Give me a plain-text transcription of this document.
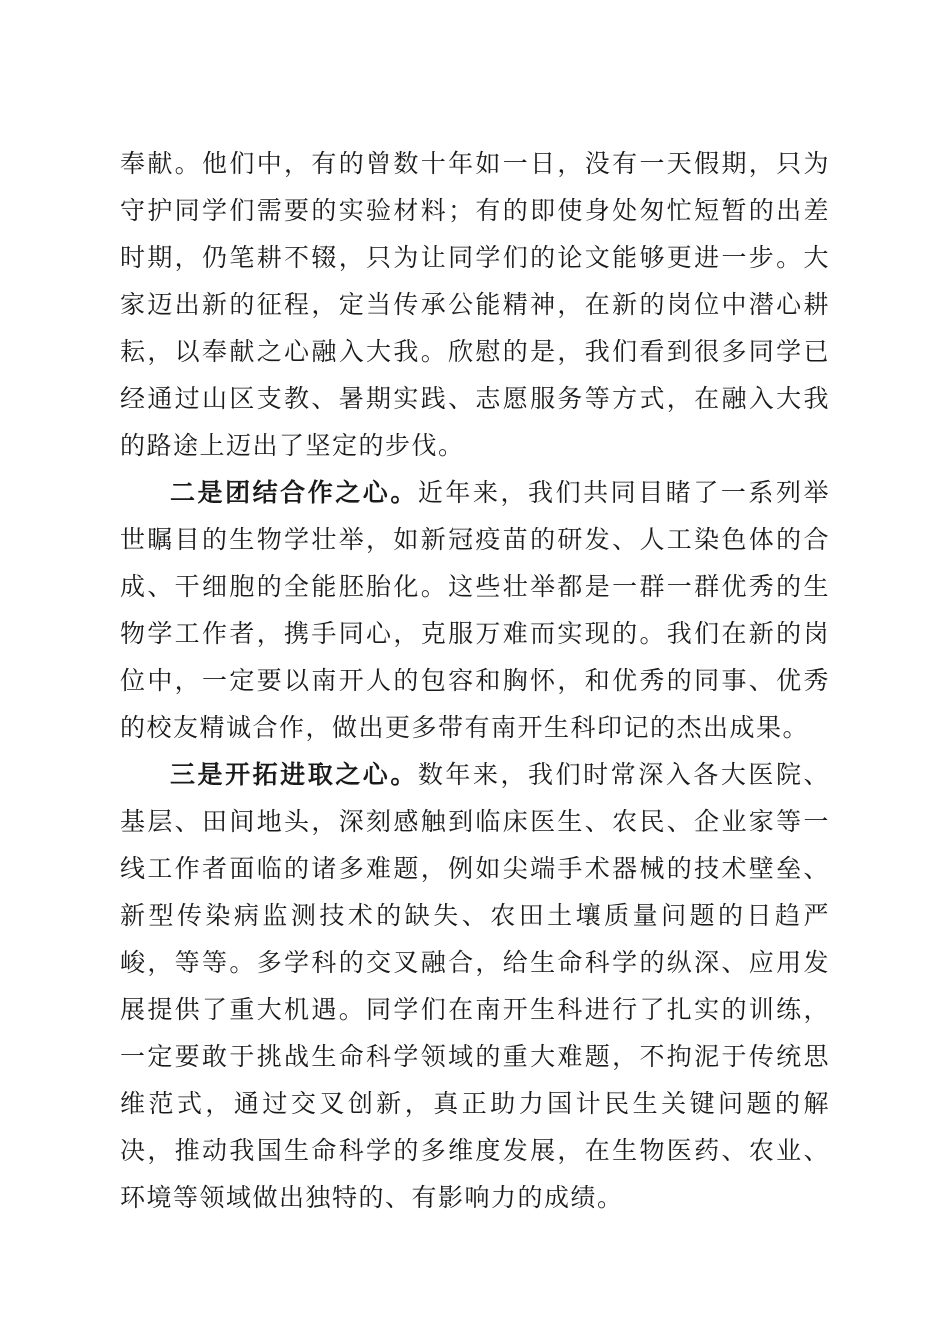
奉献。他们中，有的曾数十年如一日，没有一天假期，只为守护同学们需要的实验材料；有的即使身处匆忙短暂的出差时期，仍笔耕不辍，只为让同学们的论文能够更进一步。大家迈出新的征程，定当传承公能精神，在新的岗位中潜心耕耘，以奉献之心融入大我。欣慰的是，我们看到很多同学已经通过山区支教、暑期实践、志愿服务等方式，在融入大我的路途上迈出了坚定的步伐。

二是团结合作之心。近年来，我们共同目睹了一系列举世瞩目的生物学壮举，如新冠疫苗的研发、人工染色体的合成、干细胞的全能胚胎化。这些壮举都是一群一群优秀的生物学工作者，携手同心，克服万难而实现的。我们在新的岗位中，一定要以南开人的包容和胸怀，和优秀的同事、优秀的校友精诚合作，做出更多带有南开生科印记的杰出成果。

三是开拓进取之心。数年来，我们时常深入各大医院、基层、田间地头，深刻感触到临床医生、农民、企业家等一线工作者面临的诸多难题，例如尖端手术器械的技术壁垒、新型传染病监测技术的缺失、农田土壤质量问题的日趋严峻，等等。多学科的交叉融合，给生命科学的纵深、应用发展提供了重大机遇。同学们在南开生科进行了扎实的训练，一定要敢于挑战生命科学领域的重大难题，不拘泥于传统思维范式，通过交叉创新，真正助力国计民生关键问题的解决，推动我国生命科学的多维度发展，在生物医药、农业、环境等领域做出独特的、有影响力的成绩。
